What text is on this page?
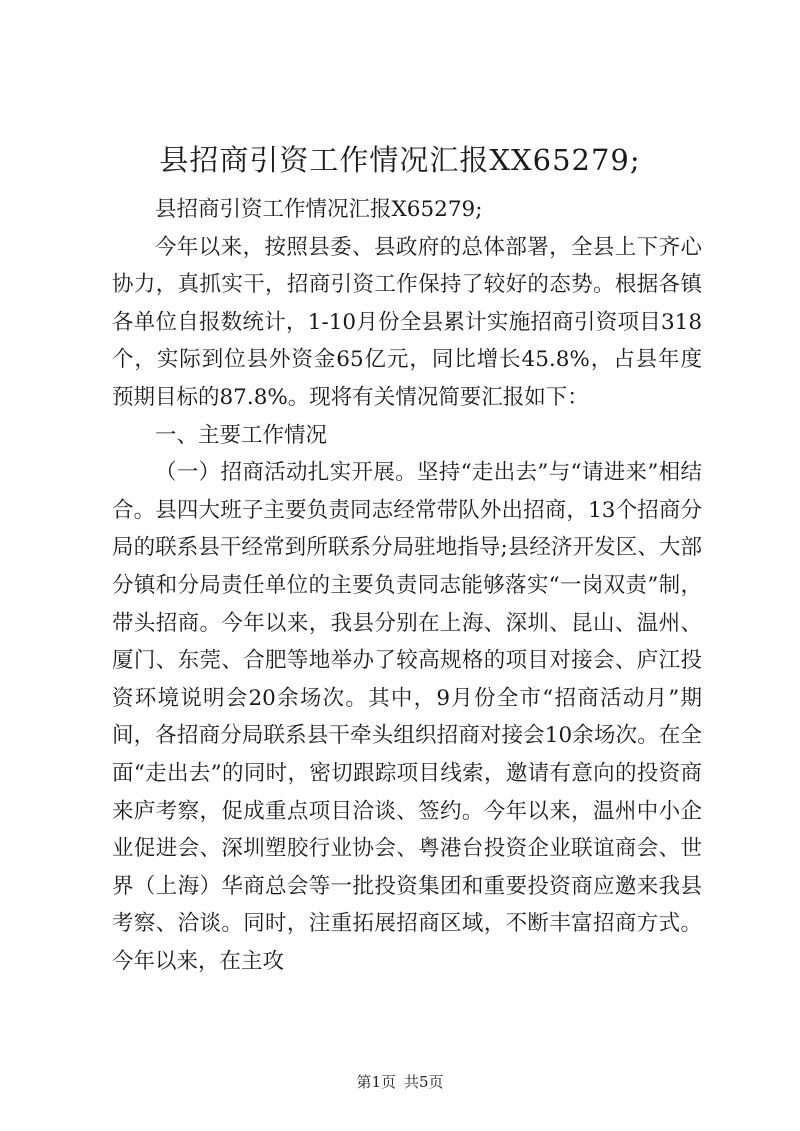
县招商引资工作情况汇报XX65279;

县招商引资工作情况汇报X65279;

今年以来，按照县委、县政府的总体部署，全县上下齐心协力，真抓实干，招商引资工作保持了较好的态势。根据各镇各单位自报数统计，1-10月份全县累计实施招商引资项目318个，实际到位县外资金65亿元，同比增长45.8%，占县年度预期目标的87.8%。现将有关情况简要汇报如下：

一、主要工作情况

（一）招商活动扎实开展。坚持“走出去”与“请进来”相结合。县四大班子主要负责同志经常带队外出招商，13个招商分局的联系县干经常到所联系分局驻地指导;县经济开发区、大部分镇和分局责任单位的主要负责同志能够落实“一岗双责”制，带头招商。今年以来，我县分别在上海、深圳、昆山、温州、厦门、东莞、合肥等地举办了较高规格的项目对接会、庐江投资环境说明会20余场次。其中，9月份全市“招商活动月”期间，各招商分局联系县干牵头组织招商对接会10余场次。在全面“走出去”的同时，密切跟踪项目线索，邀请有意向的投资商来庐考察，促成重点项目洽谈、签约。今年以来，温州中小企业促进会、深圳塑胶行业协会、粤港台投资企业联谊商会、世界（上海）华商总会等一批投资集团和重要投资商应邀来我县考察、洽谈。同时，注重拓展招商区域，不断丰富招商方式。今年以来，在主攻

第1页 共5页
